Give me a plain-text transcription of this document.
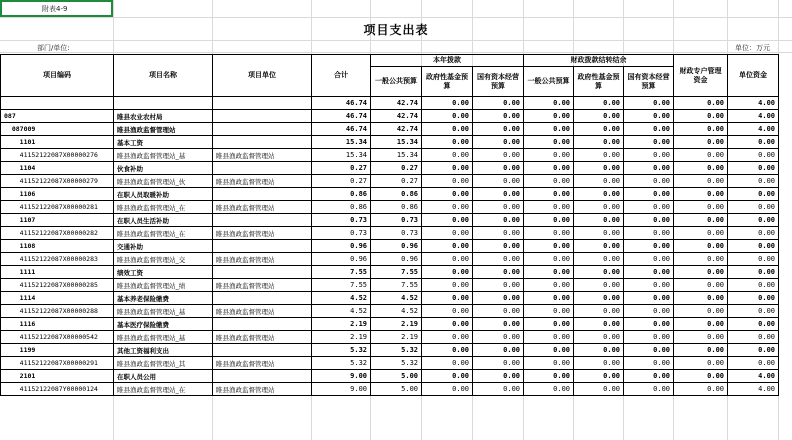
附表4-9
项目支出表
部门/单位:	单位：万元
项目编码	项目名称	项目单位	合计	本年拨款			财政拨款结转结余			财政专户管理资金	单位资金
				一般公共预算	政府性基金预算	国有资本经营预算	一般公共预算	政府性基金预算	国有资本经营预算		
			46.74	42.74	0.00	0.00	0.00	0.00	0.00	0.00	4.00
087	睢县农业农村局		46.74	42.74	0.00	0.00	0.00	0.00	0.00	0.00	4.00
087009	睢县渔政监督管理站		46.74	42.74	0.00	0.00	0.00	0.00	0.00	0.00	4.00
1101	基本工资		15.34	15.34	0.00	0.00	0.00	0.00	0.00	0.00	0.00
41152122087X00000276	睢县渔政监督管理站_基	睢县渔政监督管理站	15.34	15.34	0.00	0.00	0.00	0.00	0.00	0.00	0.00
1104	伙食补助		0.27	0.27	0.00	0.00	0.00	0.00	0.00	0.00	0.00
41152122087X00000279	睢县渔政监督管理站_伙	睢县渔政监督管理站	0.27	0.27	0.00	0.00	0.00	0.00	0.00	0.00	0.00
1106	在职人员取暖补助		0.86	0.86	0.00	0.00	0.00	0.00	0.00	0.00	0.00
41152122087X00000281	睢县渔政监督管理站_在	睢县渔政监督管理站	0.86	0.86	0.00	0.00	0.00	0.00	0.00	0.00	0.00
1107	在职人员生活补助		0.73	0.73	0.00	0.00	0.00	0.00	0.00	0.00	0.00
41152122087X00000282	睢县渔政监督管理站_在	睢县渔政监督管理站	0.73	0.73	0.00	0.00	0.00	0.00	0.00	0.00	0.00
1108	交通补助		0.96	0.96	0.00	0.00	0.00	0.00	0.00	0.00	0.00
41152122087X00000283	睢县渔政监督管理站_交	睢县渔政监督管理站	0.96	0.96	0.00	0.00	0.00	0.00	0.00	0.00	0.00
1111	绩效工资		7.55	7.55	0.00	0.00	0.00	0.00	0.00	0.00	0.00
41152122087X00000285	睢县渔政监督管理站_绩	睢县渔政监督管理站	7.55	7.55	0.00	0.00	0.00	0.00	0.00	0.00	0.00
1114	基本养老保险缴费		4.52	4.52	0.00	0.00	0.00	0.00	0.00	0.00	0.00
41152122087X00000288	睢县渔政监督管理站_基	睢县渔政监督管理站	4.52	4.52	0.00	0.00	0.00	0.00	0.00	0.00	0.00
1116	基本医疗保险缴费		2.19	2.19	0.00	0.00	0.00	0.00	0.00	0.00	0.00
41152122087X00000542	睢县渔政监督管理站_基	睢县渔政监督管理站	2.19	2.19	0.00	0.00	0.00	0.00	0.00	0.00	0.00
1199	其他工资福利支出		5.32	5.32	0.00	0.00	0.00	0.00	0.00	0.00	0.00
41152122087X00000291	睢县渔政监督管理站_其	睢县渔政监督管理站	5.32	5.32	0.00	0.00	0.00	0.00	0.00	0.00	0.00
2101	在职人员公用		9.00	5.00	0.00	0.00	0.00	0.00	0.00	0.00	4.00
41152122087Y00000124	睢县渔政监督管理站_在	睢县渔政监督管理站	9.00	5.00	0.00	0.00	0.00	0.00	0.00	0.00	4.00
